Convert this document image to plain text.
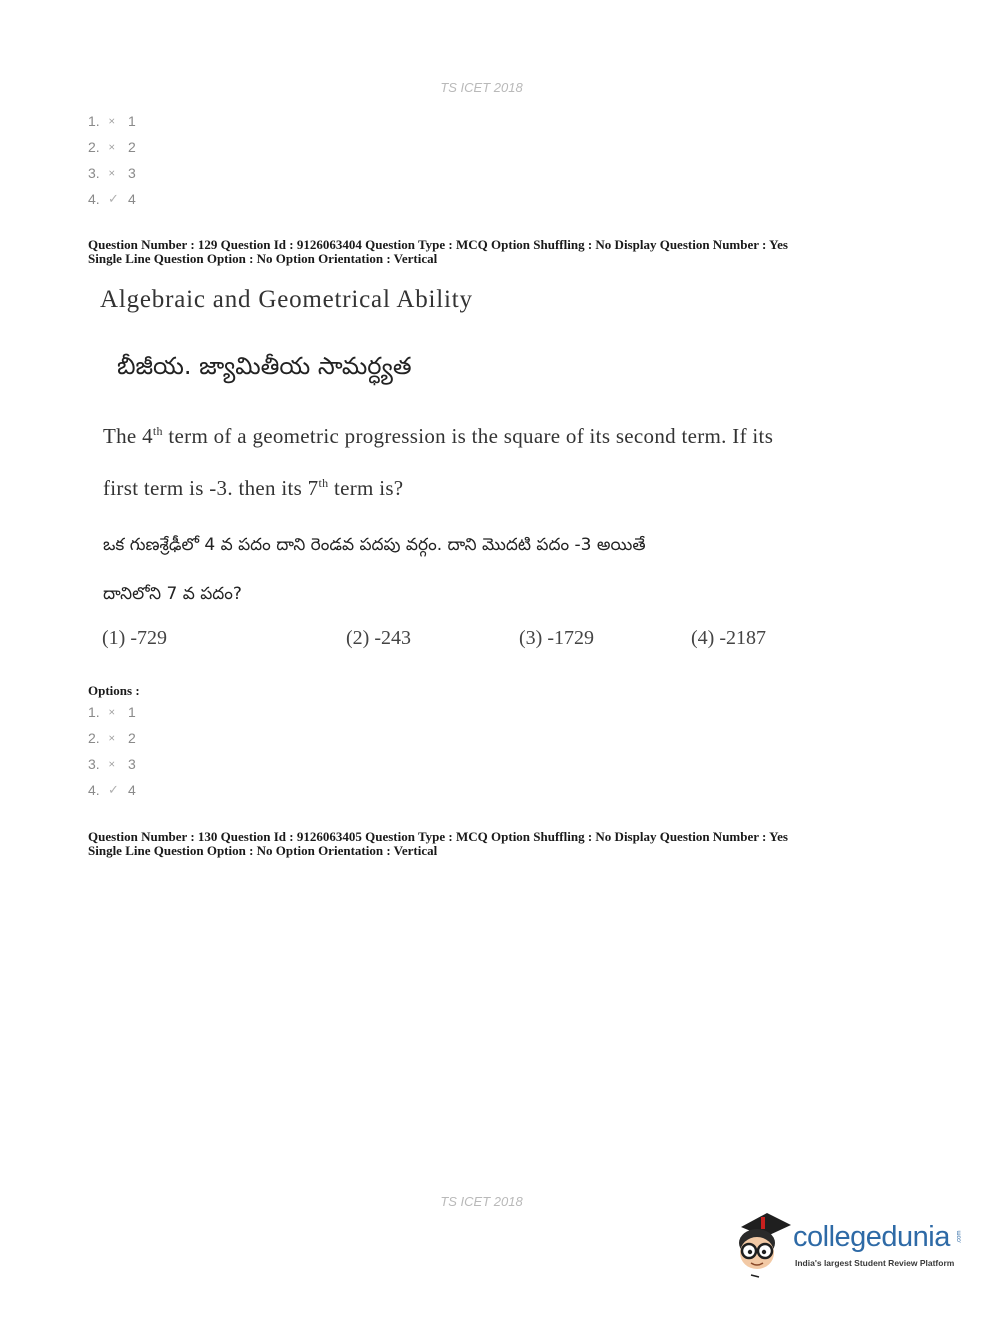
TS ICET 2018
1. ⨯ 1
2. ⨯ 2
3. ⨯ 3
4. ✓ 4
Question Number : 129 Question Id : 9126063404 Question Type : MCQ Option Shuffling : No Display Question Number : Yes
Single Line Question Option : No Option Orientation : Vertical
Algebraic and Geometrical Ability
బీజీయ. జ్యామితీయ సామర్ధ్యత
The 4th term of a geometric progression is the square of its second term. If its
first term is -3. then its 7th term is?
ఒక గుణశ్రేఢీలో 4 వ పదం దాని రెండవ పదపు వర్గం. దాని మొదటి పదం -3 అయితే
దానిలోని 7 వ పదం?
(1) -729	(2) -243	(3) -1729	(4) -2187
Options :
1. ⨯ 1
2. ⨯ 2
3. ⨯ 3
4. ✓ 4
Question Number : 130 Question Id : 9126063405 Question Type : MCQ Option Shuffling : No Display Question Number : Yes
Single Line Question Option : No Option Orientation : Vertical
TS ICET 2018
collegedunia .com
India's largest Student Review Platform
